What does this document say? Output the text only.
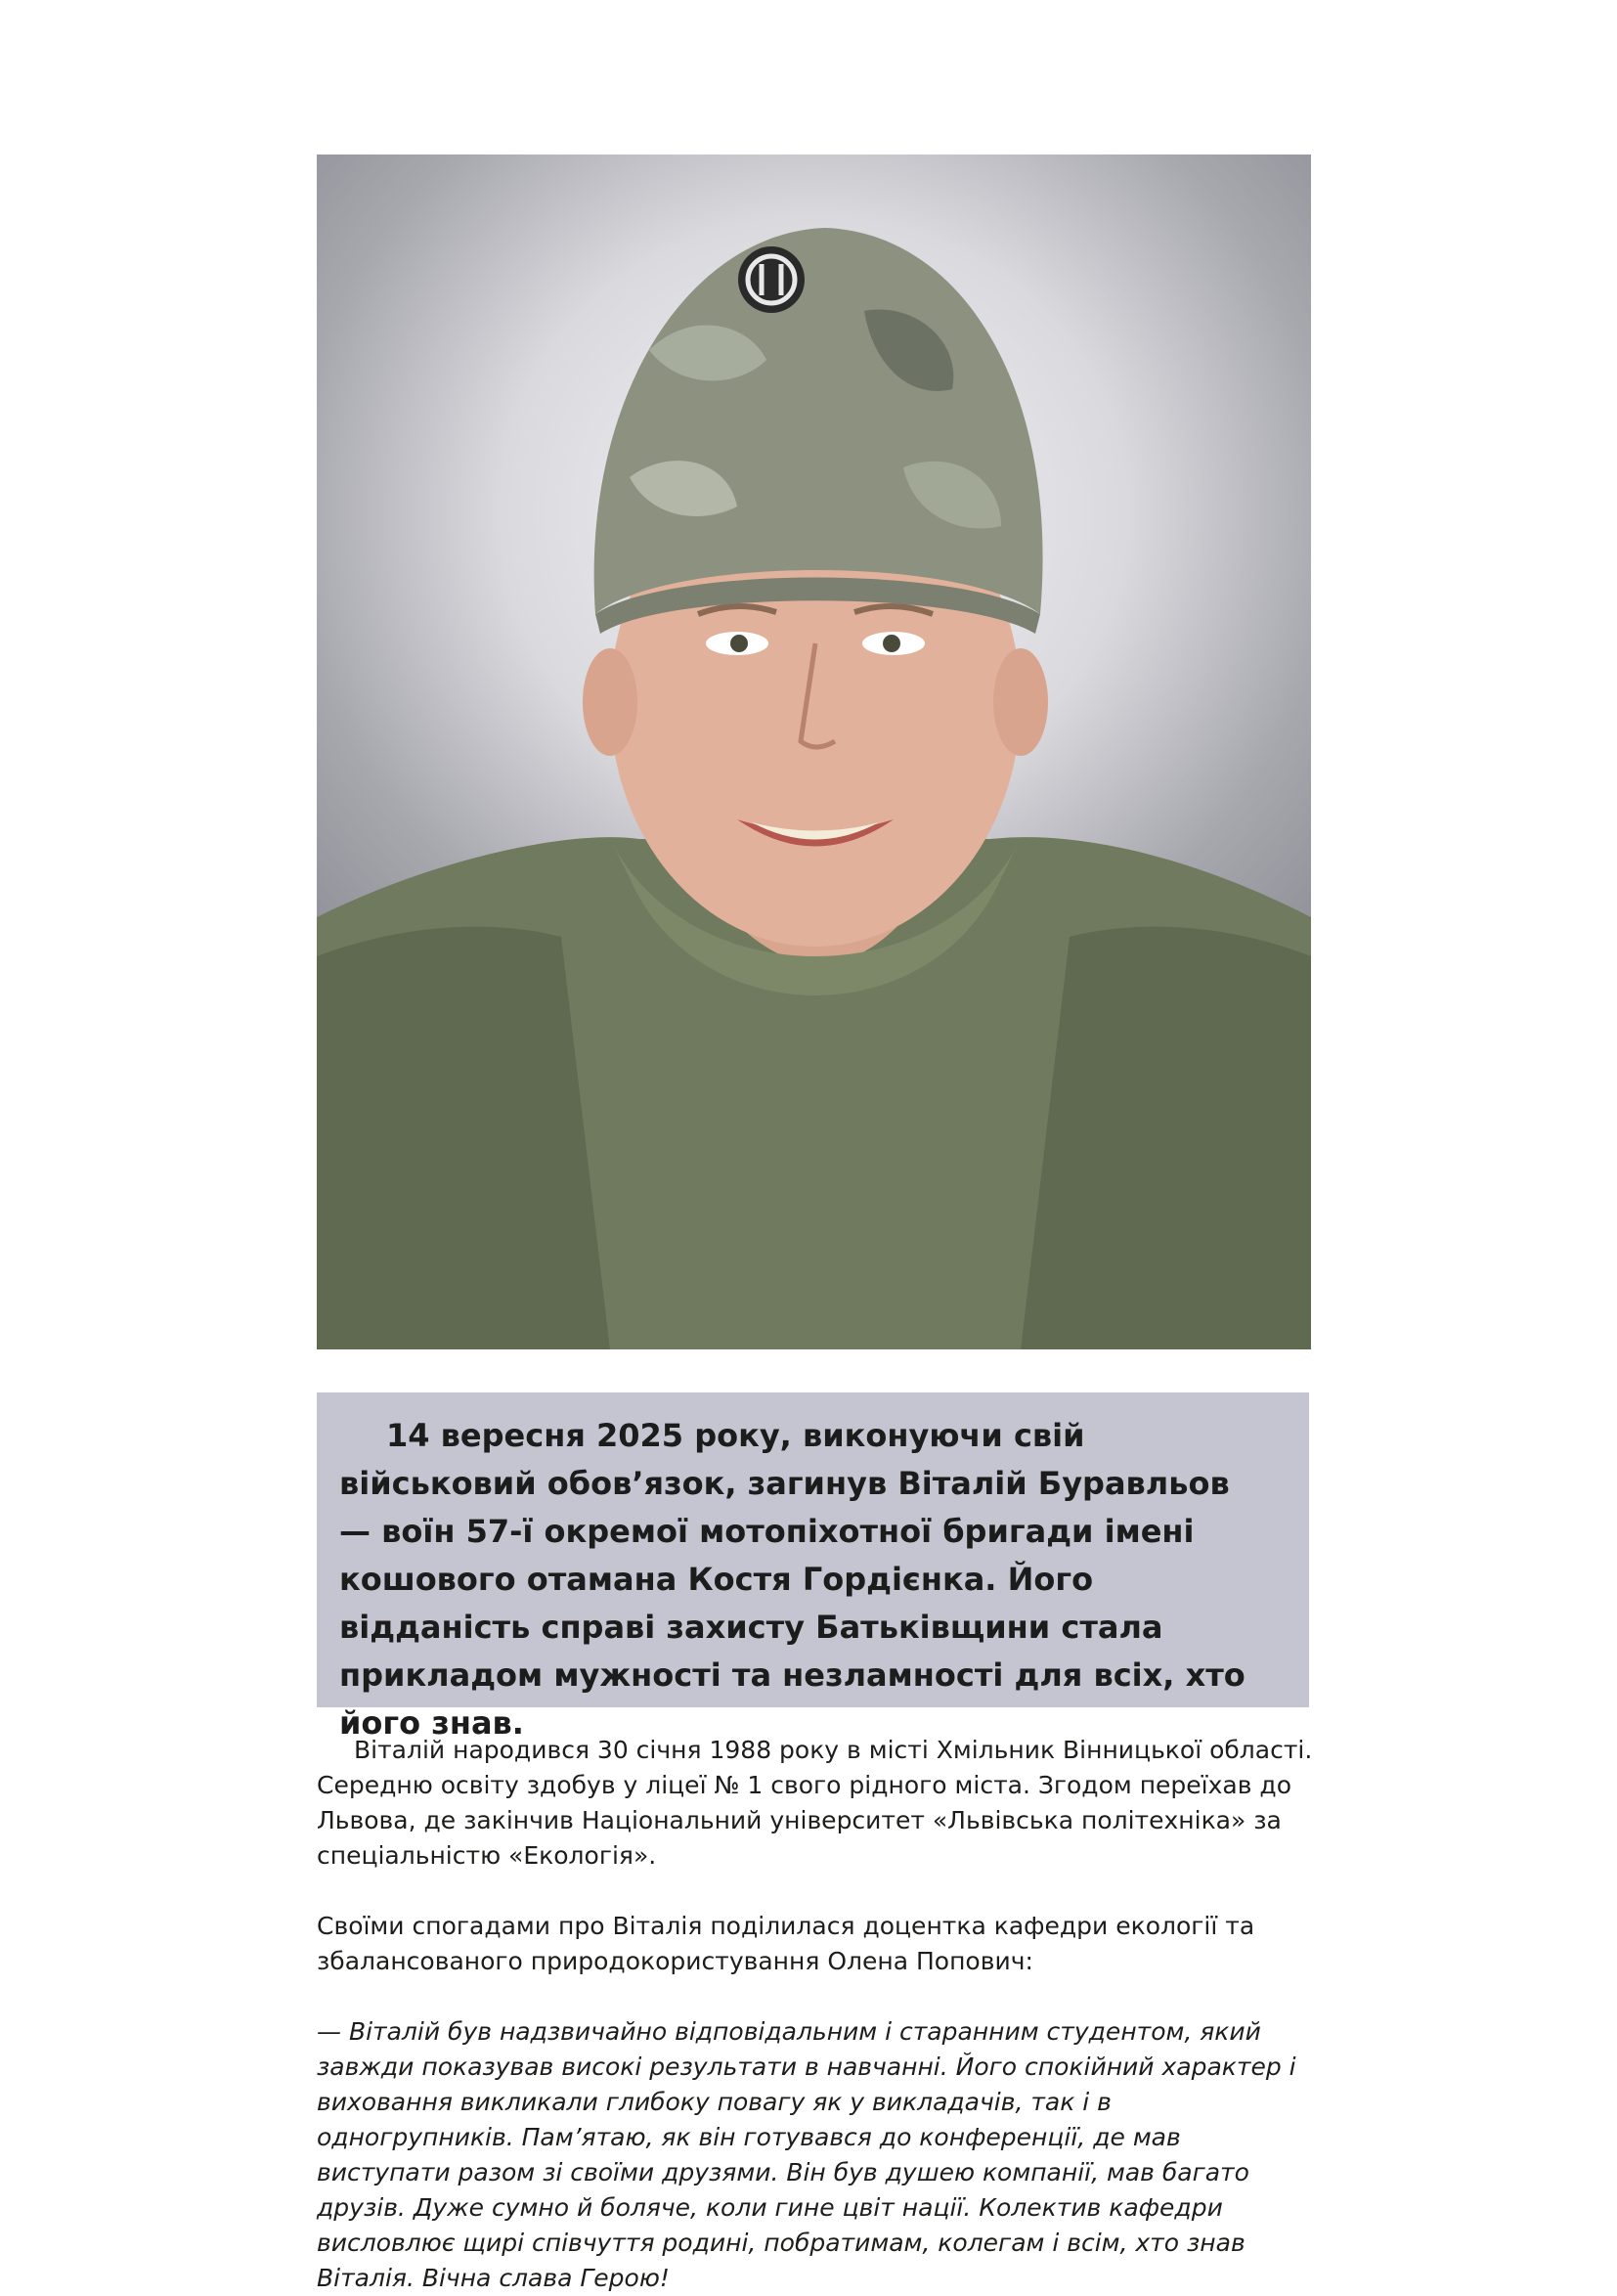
14 вересня 2025 року, виконуючи свій військовий обов’язок, загинув Віталій Буравльов — воїн 57-ї окремої мотопіхотної бригади імені кошового отамана Костя Гордієнка. Його відданість справі захисту Батьківщини стала прикладом мужності та незламності для всіх, хто його знав.

Віталій народився 30 січня 1988 року в місті Хмільник Вінницької області. Середню освіту здобув у ліцеї № 1 свого рідного міста. Згодом переїхав до Львова, де закінчив Національний університет «Львівська політехніка» за спеціальністю «Екологія».

Своїми спогадами про Віталія поділилася доцентка кафедри екології та збалансованого природокористування Олена Попович:

— Віталій був надзвичайно відповідальним і старанним студентом, який завжди показував високі результати в навчанні. Його спокійний характер і виховання викликали глибоку повагу як у викладачів, так і в одногрупників. Пам’ятаю, як він готувався до конференції, де мав виступати разом зі своїми друзями. Він був душею компанії, мав багато друзів. Дуже сумно й боляче, коли гине цвіт нації. Колектив кафедри висловлює щирі співчуття родині, побратимам, колегам і всім, хто знав Віталія. Вічна слава Герою!
